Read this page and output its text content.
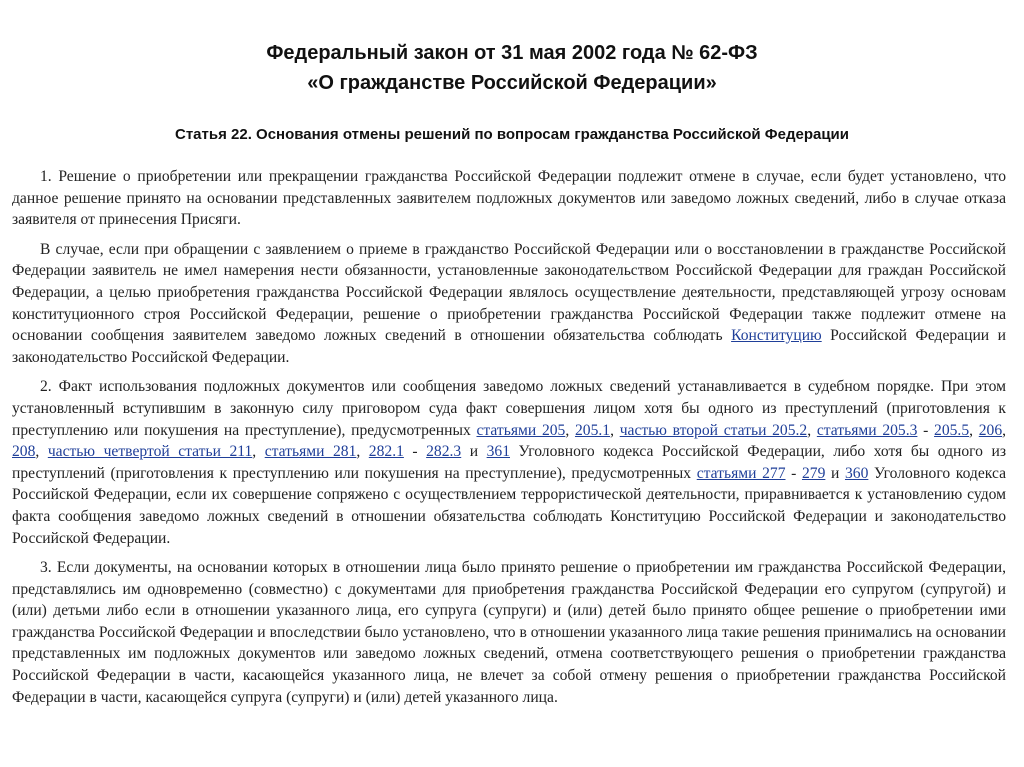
Федеральный закон от 31 мая 2002 года № 62-ФЗ
«О гражданстве Российской Федерации»
Статья 22. Основания отмены решений по вопросам гражданства Российской Федерации

1. Решение о приобретении или прекращении гражданства Российской Федерации подлежит отмене в случае, если будет установлено, что данное решение принято на основании представленных заявителем подложных документов или заведомо ложных сведений, либо в случае отказа заявителя от принесения Присяги.

В случае, если при обращении с заявлением о приеме в гражданство Российской Федерации или о восстановлении в гражданстве Российской Федерации заявитель не имел намерения нести обязанности, установленные законодательством Российской Федерации для граждан Российской Федерации, а целью приобретения гражданства Российской Федерации являлось осуществление деятельности, представляющей угрозу основам конституционного строя Российской Федерации, решение о приобретении гражданства Российской Федерации также подлежит отмене на основании сообщения заявителем заведомо ложных сведений в отношении обязательства соблюдать Конституцию Российской Федерации и законодательство Российской Федерации.

2. Факт использования подложных документов или сообщения заведомо ложных сведений устанавливается в судебном порядке. При этом установленный вступившим в законную силу приговором суда факт совершения лицом хотя бы одного из преступлений (приготовления к преступлению или покушения на преступление), предусмотренных статьями 205, 205.1, частью второй статьи 205.2, статьями 205.3 - 205.5, 206, 208, частью четвертой статьи 211, статьями 281, 282.1 - 282.3 и 361 Уголовного кодекса Российской Федерации, либо хотя бы одного из преступлений (приготовления к преступлению или покушения на преступление), предусмотренных статьями 277 - 279 и 360 Уголовного кодекса Российской Федерации, если их совершение сопряжено с осуществлением террористической деятельности, приравнивается к установлению судом факта сообщения заведомо ложных сведений в отношении обязательства соблюдать Конституцию Российской Федерации и законодательство Российской Федерации.

3. Если документы, на основании которых в отношении лица было принято решение о приобретении им гражданства Российской Федерации, представлялись им одновременно (совместно) с документами для приобретения гражданства Российской Федерации его супругом (супругой) и (или) детьми либо если в отношении указанного лица, его супруга (супруги) и (или) детей было принято общее решение о приобретении ими гражданства Российской Федерации и впоследствии было установлено, что в отношении указанного лица такие решения принимались на основании представленных им подложных документов или заведомо ложных сведений, отмена соответствующего решения о приобретении гражданства Российской Федерации в части, касающейся указанного лица, не влечет за собой отмену решения о приобретении гражданства Российской Федерации в части, касающейся супруга (супруги) и (или) детей указанного лица.
